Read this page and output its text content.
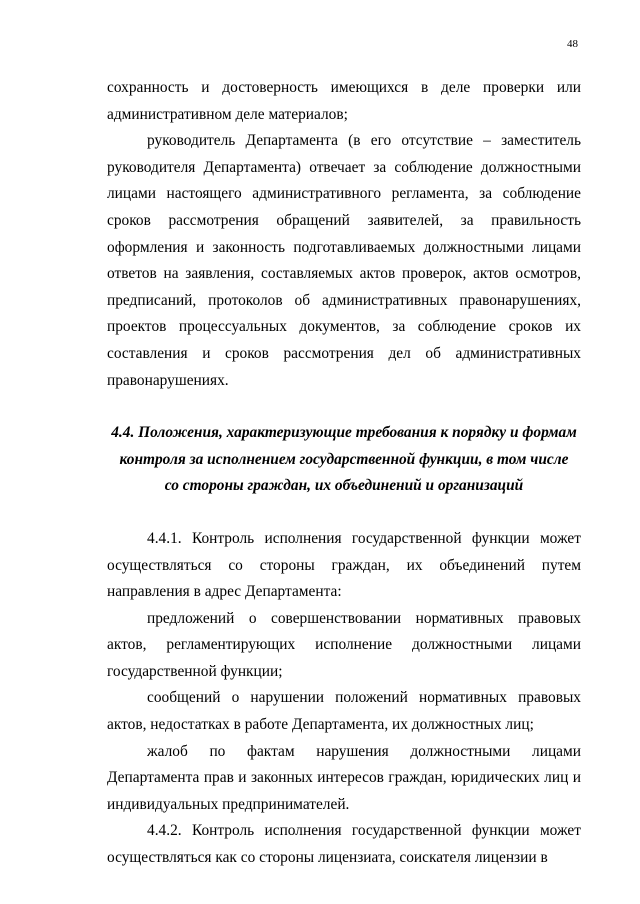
48

сохранность и достоверность имеющихся в деле проверки или административном деле материалов;

руководитель Департамента (в его отсутствие – заместитель руководителя Департамента) отвечает за соблюдение должностными лицами настоящего административного регламента, за соблюдение сроков рассмотрения обращений заявителей, за правильность оформления и законность подготавливаемых должностными лицами ответов на заявления, составляемых актов проверок, актов осмотров, предписаний, протоколов об административных правонарушениях, проектов процессуальных документов, за соблюдение сроков их составления и сроков рассмотрения дел об административных правонарушениях.

4.4. Положения, характеризующие требования к порядку и формам
контроля за исполнением государственной функции, в том числе
со стороны граждан, их объединений и организаций

4.4.1. Контроль исполнения государственной функции может осуществляться со стороны граждан, их объединений путем направления в адрес Департамента:

предложений о совершенствовании нормативных правовых актов, регламентирующих исполнение должностными лицами государственной функции;

сообщений о нарушении положений нормативных правовых актов, недостатках в работе Департамента, их должностных лиц;

жалоб по фактам нарушения должностными лицами Департамента прав и законных интересов граждан, юридических лиц и индивидуальных предпринимателей.

4.4.2. Контроль исполнения государственной функции может осуществляться как со стороны лицензиата, соискателя лицензии в
